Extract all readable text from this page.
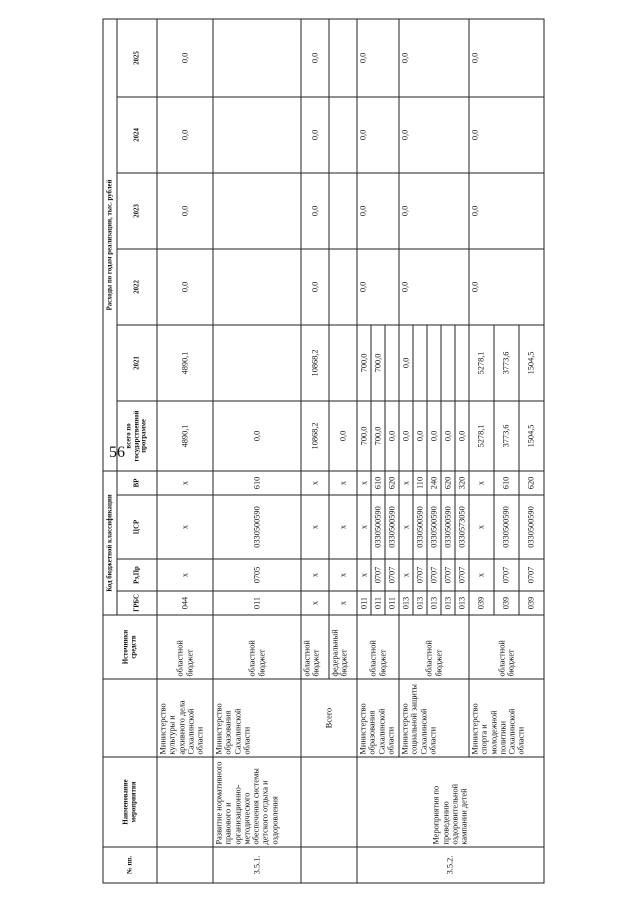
56
№ пп.	Наименование мероприятия		Источники средств	Код бюджетной классификации				Расходы по годам реализации, тыс. рублей					
				ГРБС	Рз,Пр	ЦСР	ВР	всего по государственной программе	2021	2022	2023	2024	2025
		Министерство культуры и архивного дела Сахалинской области	областной бюджет	044	х	х	х	4890,1	4890,1	0,0	0,0	0,0	0,0
3.5.1.	Развитие нормативного правового и организационно-методического обеспечения системы детского отдыха и оздоровления	Министерство образования Сахалинской области	областной бюджет	011	0705	0330500590	610	0,0					
		Всего	областной бюджет	х	х	х	х	10868,2	10868,2	0,0	0,0	0,0	0,0
			федеральный бюджет	х	х	х	х	0,0					
3.5.2.	Мероприятия по проведению оздоровительной кампании детей	Министерство образования Сахалинской области	областной бюджет	011	х	х	х	700,0	700,0	0,0	0,0	0,0	0,0
				011	0707	0330500590	610	700,0	700,0				
				011	0707	0330500590	620	0,0					
		Министерство социальной защиты Сахалинской области	областной бюджет	013	х	х	х	0,0	0,0	0,0	0,0	0,0	0,0
				013	0707	0330500590	110	0,0					
				013	0707	0330500590	240	0,0					
				013	0707	0330500590	620	0,0					
				013	0707	0330573050	320	0,0					
		Министерство спорта и молодежной политики Сахалинской области	областной бюджет	039	х	х	х	5278,1	5278,1	0,0	0,0	0,0	0,0
				039	0707	0330500590	610	3773,6	3773,6				
				039	0707	0330500590	620	1504,5	1504,5				
